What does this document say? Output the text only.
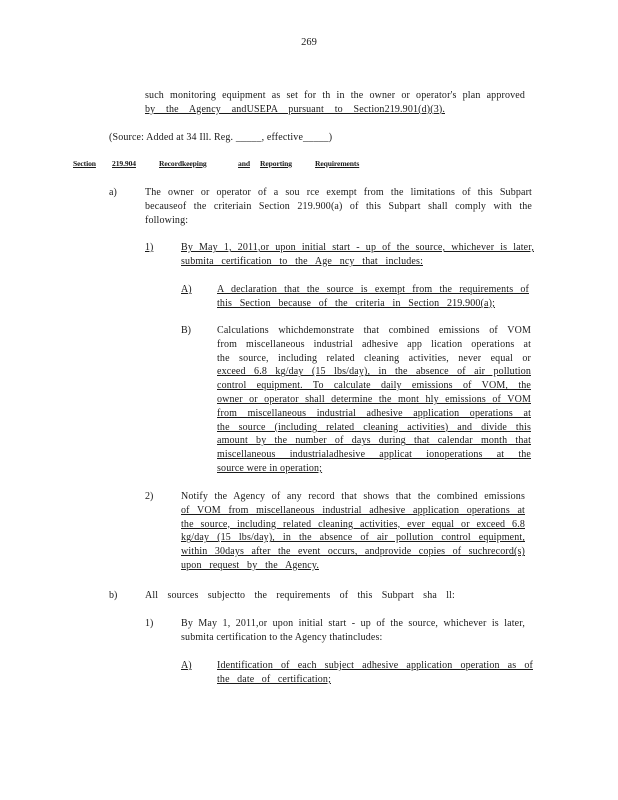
269
such monitoring equipment as set for th in the owner or operator's plan approved
by the Agency andUSEPA pursuant to Section219.901(d)(3).
(Source: Added at 34 Ill. Reg. _____, effective_____)
Section 219.904	Recordkeeping	and Reporting	Requirements
a)	The owner or operator of a sou rce exempt from the limitations of this Subpart
becauseof the criteriain Section 219.900(a) of this Subpart shall comply with the
following:
1)	By May 1, 2011,or upon initial start - up of the source, whichever is later,
submita certification to the Age ncy that includes:
A)	A declaration that the source is exempt from the requirements of
this Section because of the criteria in Section 219.900(a);
B)	Calculations whichdemonstrate that combined emissions of VOM
from miscellaneous industrial adhesive app lication operations at
the source, including related cleaning activities, never equal or
exceed 6.8 kg/day (15 lbs/day), in the absence of air pollution
control equipment. To calculate daily emissions of VOM, the
owner or operator shall determine the mont hly emissions of VOM
from miscellaneous industrial adhesive application operations at
the source (including related cleaning activities) and divide this
amount by the number of days during that calendar month that
miscellaneous industrialadhesive applicat ionoperations at the
source were in operation;
2)	Notify the Agency of any record that shows that the combined emissions
of VOM from miscellaneous industrial adhesive application operations at
the source, including related cleaning activities, ever equal or exceed 6.8
kg/day (15 lbs/day), in the absence of air pollution control equipment,
within 30days after the event occurs, andprovide copies of suchrecord(s)
upon request by the Agency.
b)	All sources subjectto the requirements of this Subpart sha ll:
1)	By May 1, 2011,or upon initial start - up of the source, whichever is later,
submita certification to the Agency thatincludes:
A)	Identification of each subject adhesive application operation as of
the date of certification;
